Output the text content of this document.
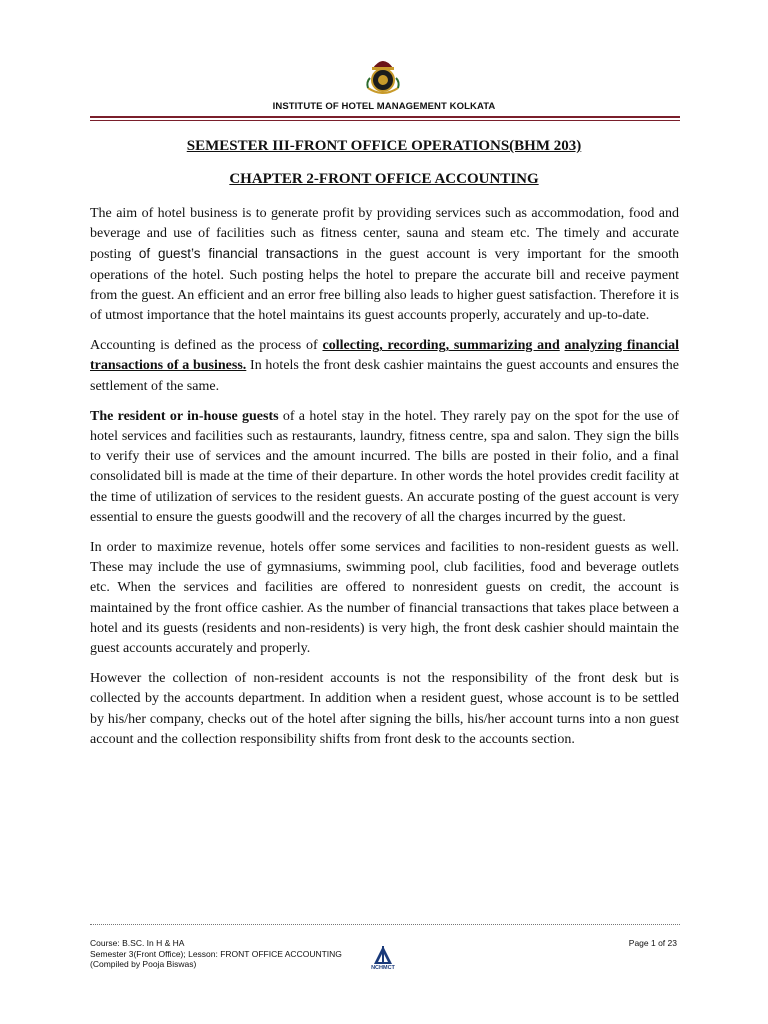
INSTITUTE OF HOTEL MANAGEMENT KOLKATA
SEMESTER III-FRONT OFFICE OPERATIONS(BHM 203)
CHAPTER 2-FRONT OFFICE ACCOUNTING

The aim of hotel business is to generate profit by providing services such as accommodation, food and beverage and use of facilities such as fitness center, sauna and steam etc. The timely and accurate posting of guest’s financial transactions in the guest account is very important for the smooth operations of the hotel. Such posting helps the hotel to prepare the accurate bill and receive payment from the guest. An efficient and an error free billing also leads to higher guest satisfaction. Therefore it is of utmost importance that the hotel maintains its guest accounts properly, accurately and up-to-date.

Accounting is defined as the process of collecting, recording, summarizing and analyzing financial transactions of a business. In hotels the front desk cashier maintains the guest accounts and ensures the settlement of the same.

The resident or in-house guests of a hotel stay in the hotel. They rarely pay on the spot for the use of hotel services and facilities such as restaurants, laundry, fitness centre, spa and salon. They sign the bills to verify their use of services and the amount incurred. The bills are posted in their folio, and a final consolidated bill is made at the time of their departure. In other words the hotel provides credit facility at the time of utilization of services to the resident guests. An accurate posting of the guest account is very essential to ensure the guests goodwill and the recovery of all the charges incurred by the guest.

In order to maximize revenue, hotels offer some services and facilities to non-resident guests as well. These may include the use of gymnasiums, swimming pool, club facilities, food and beverage outlets etc. When the services and facilities are offered to nonresident guests on credit, the account is maintained by the front office cashier. As the number of financial transactions that takes place between a hotel and its guests (residents and non-residents) is very high, the front desk cashier should maintain the guest accounts accurately and properly.

However the collection of non-resident accounts is not the responsibility of the front desk but is collected by the accounts department. In addition when a resident guest, whose account is to be settled by his/her company, checks out of the hotel after signing the bills, his/her account turns into a non guest account and the collection responsibility shifts from front desk to the accounts section.

Course: B.SC. In H & HA
Semester 3(Front Office); Lesson: FRONT OFFICE ACCOUNTING
(Compiled by Pooja Biswas)	NCHMCT
Page 1 of 23
